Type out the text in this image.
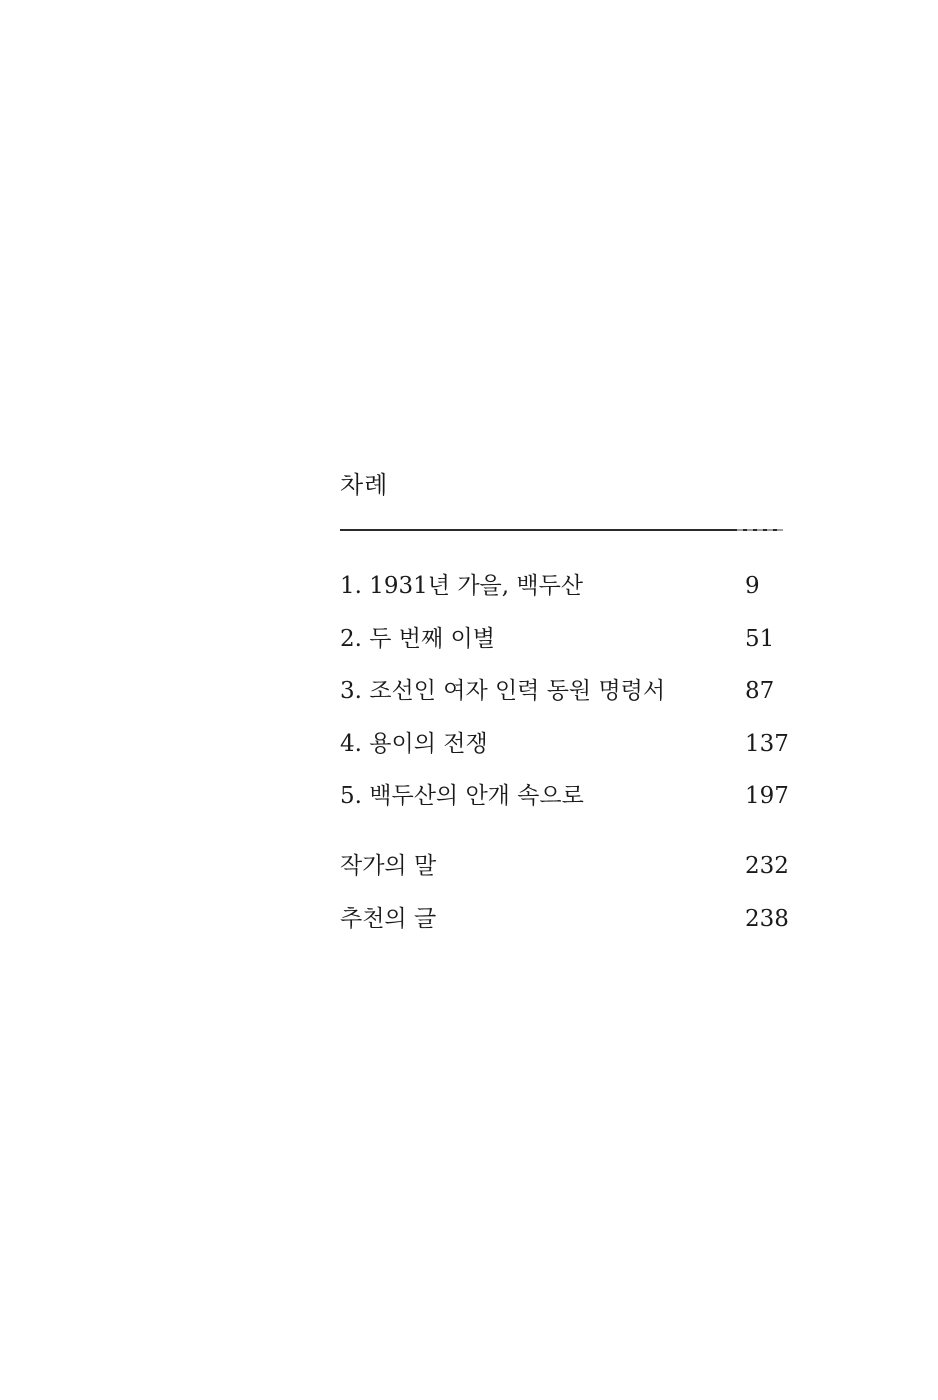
차례
1. 1931년 가을, 백두산	9
2. 두 번째 이별	51
3. 조선인 여자 인력 동원 명령서	87
4. 용이의 전쟁	137
5. 백두산의 안개 속으로	197
작가의 말	232
추천의 글	238
